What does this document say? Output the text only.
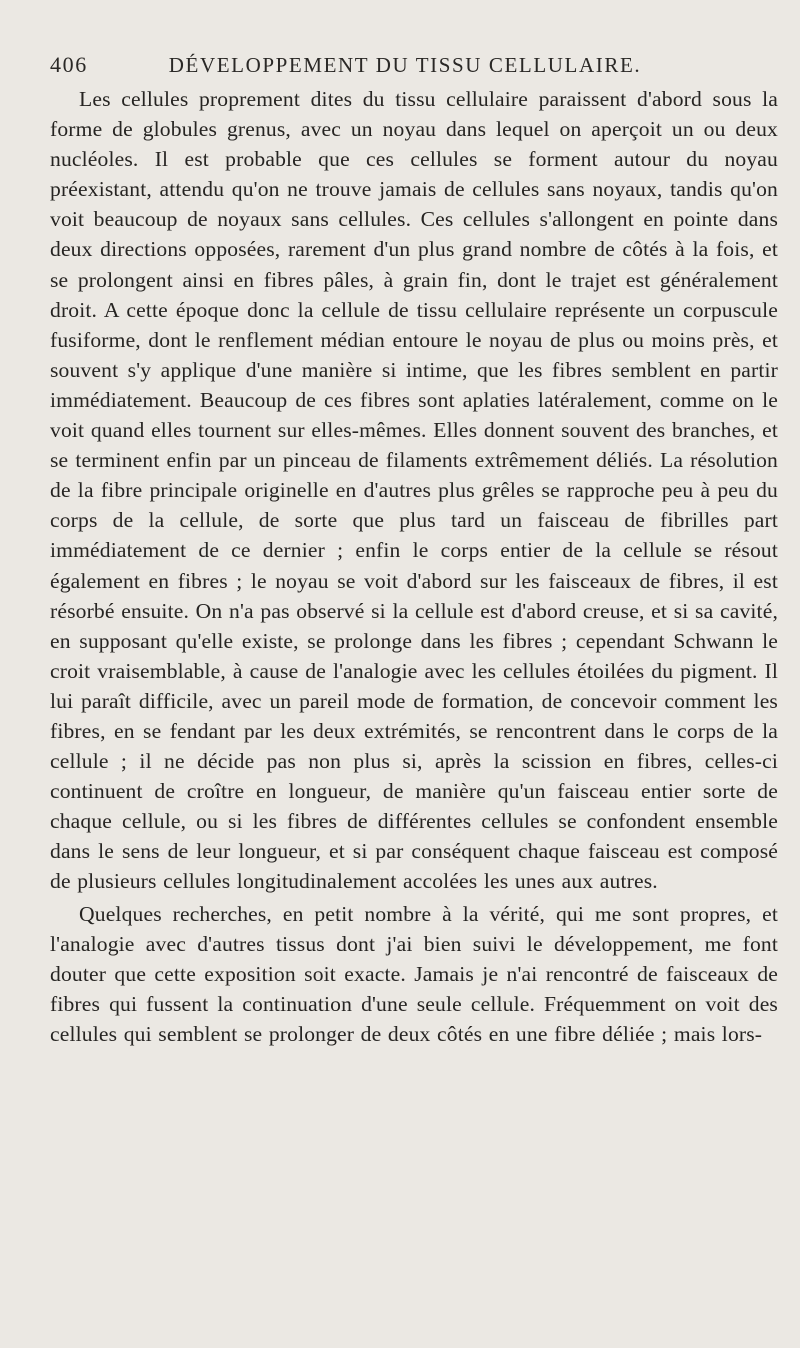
406	DÉVELOPPEMENT DU TISSU CELLULAIRE.

Les cellules proprement dites du tissu cellulaire paraissent d'abord sous la forme de globules grenus, avec un noyau dans lequel on aperçoit un ou deux nucléoles. Il est probable que ces cellules se forment autour du noyau préexistant, attendu qu'on ne trouve jamais de cellules sans noyaux, tandis qu'on voit beaucoup de noyaux sans cellules. Ces cellules s'allongent en pointe dans deux directions opposées, rarement d'un plus grand nombre de côtés à la fois, et se prolongent ainsi en fibres pâles, à grain fin, dont le trajet est généralement droit. A cette époque donc la cellule de tissu cellulaire représente un corpuscule fusiforme, dont le renflement médian entoure le noyau de plus ou moins près, et souvent s'y applique d'une manière si intime, que les fibres semblent en partir immédiatement. Beaucoup de ces fibres sont aplaties latéralement, comme on le voit quand elles tournent sur elles-mêmes. Elles donnent souvent des branches, et se terminent enfin par un pinceau de filaments extrêmement déliés. La résolution de la fibre principale originelle en d'autres plus grêles se rapproche peu à peu du corps de la cellule, de sorte que plus tard un faisceau de fibrilles part immédiatement de ce dernier ; enfin le corps entier de la cellule se résout également en fibres ; le noyau se voit d'abord sur les faisceaux de fibres, il est résorbé ensuite. On n'a pas observé si la cellule est d'abord creuse, et si sa cavité, en supposant qu'elle existe, se prolonge dans les fibres ; cependant Schwann le croit vraisemblable, à cause de l'analogie avec les cellules étoilées du pigment. Il lui paraît difficile, avec un pareil mode de formation, de concevoir comment les fibres, en se fendant par les deux extrémités, se rencontrent dans le corps de la cellule ; il ne décide pas non plus si, après la scission en fibres, celles-ci continuent de croître en longueur, de manière qu'un faisceau entier sorte de chaque cellule, ou si les fibres de différentes cellules se confondent ensemble dans le sens de leur longueur, et si par conséquent chaque faisceau est composé de plusieurs cellules longitudinalement accolées les unes aux autres.

Quelques recherches, en petit nombre à la vérité, qui me sont propres, et l'analogie avec d'autres tissus dont j'ai bien suivi le développement, me font douter que cette exposition soit exacte. Jamais je n'ai rencontré de faisceaux de fibres qui fussent la continuation d'une seule cellule. Fréquemment on voit des cellules qui semblent se prolonger de deux côtés en une fibre déliée ; mais lors-
